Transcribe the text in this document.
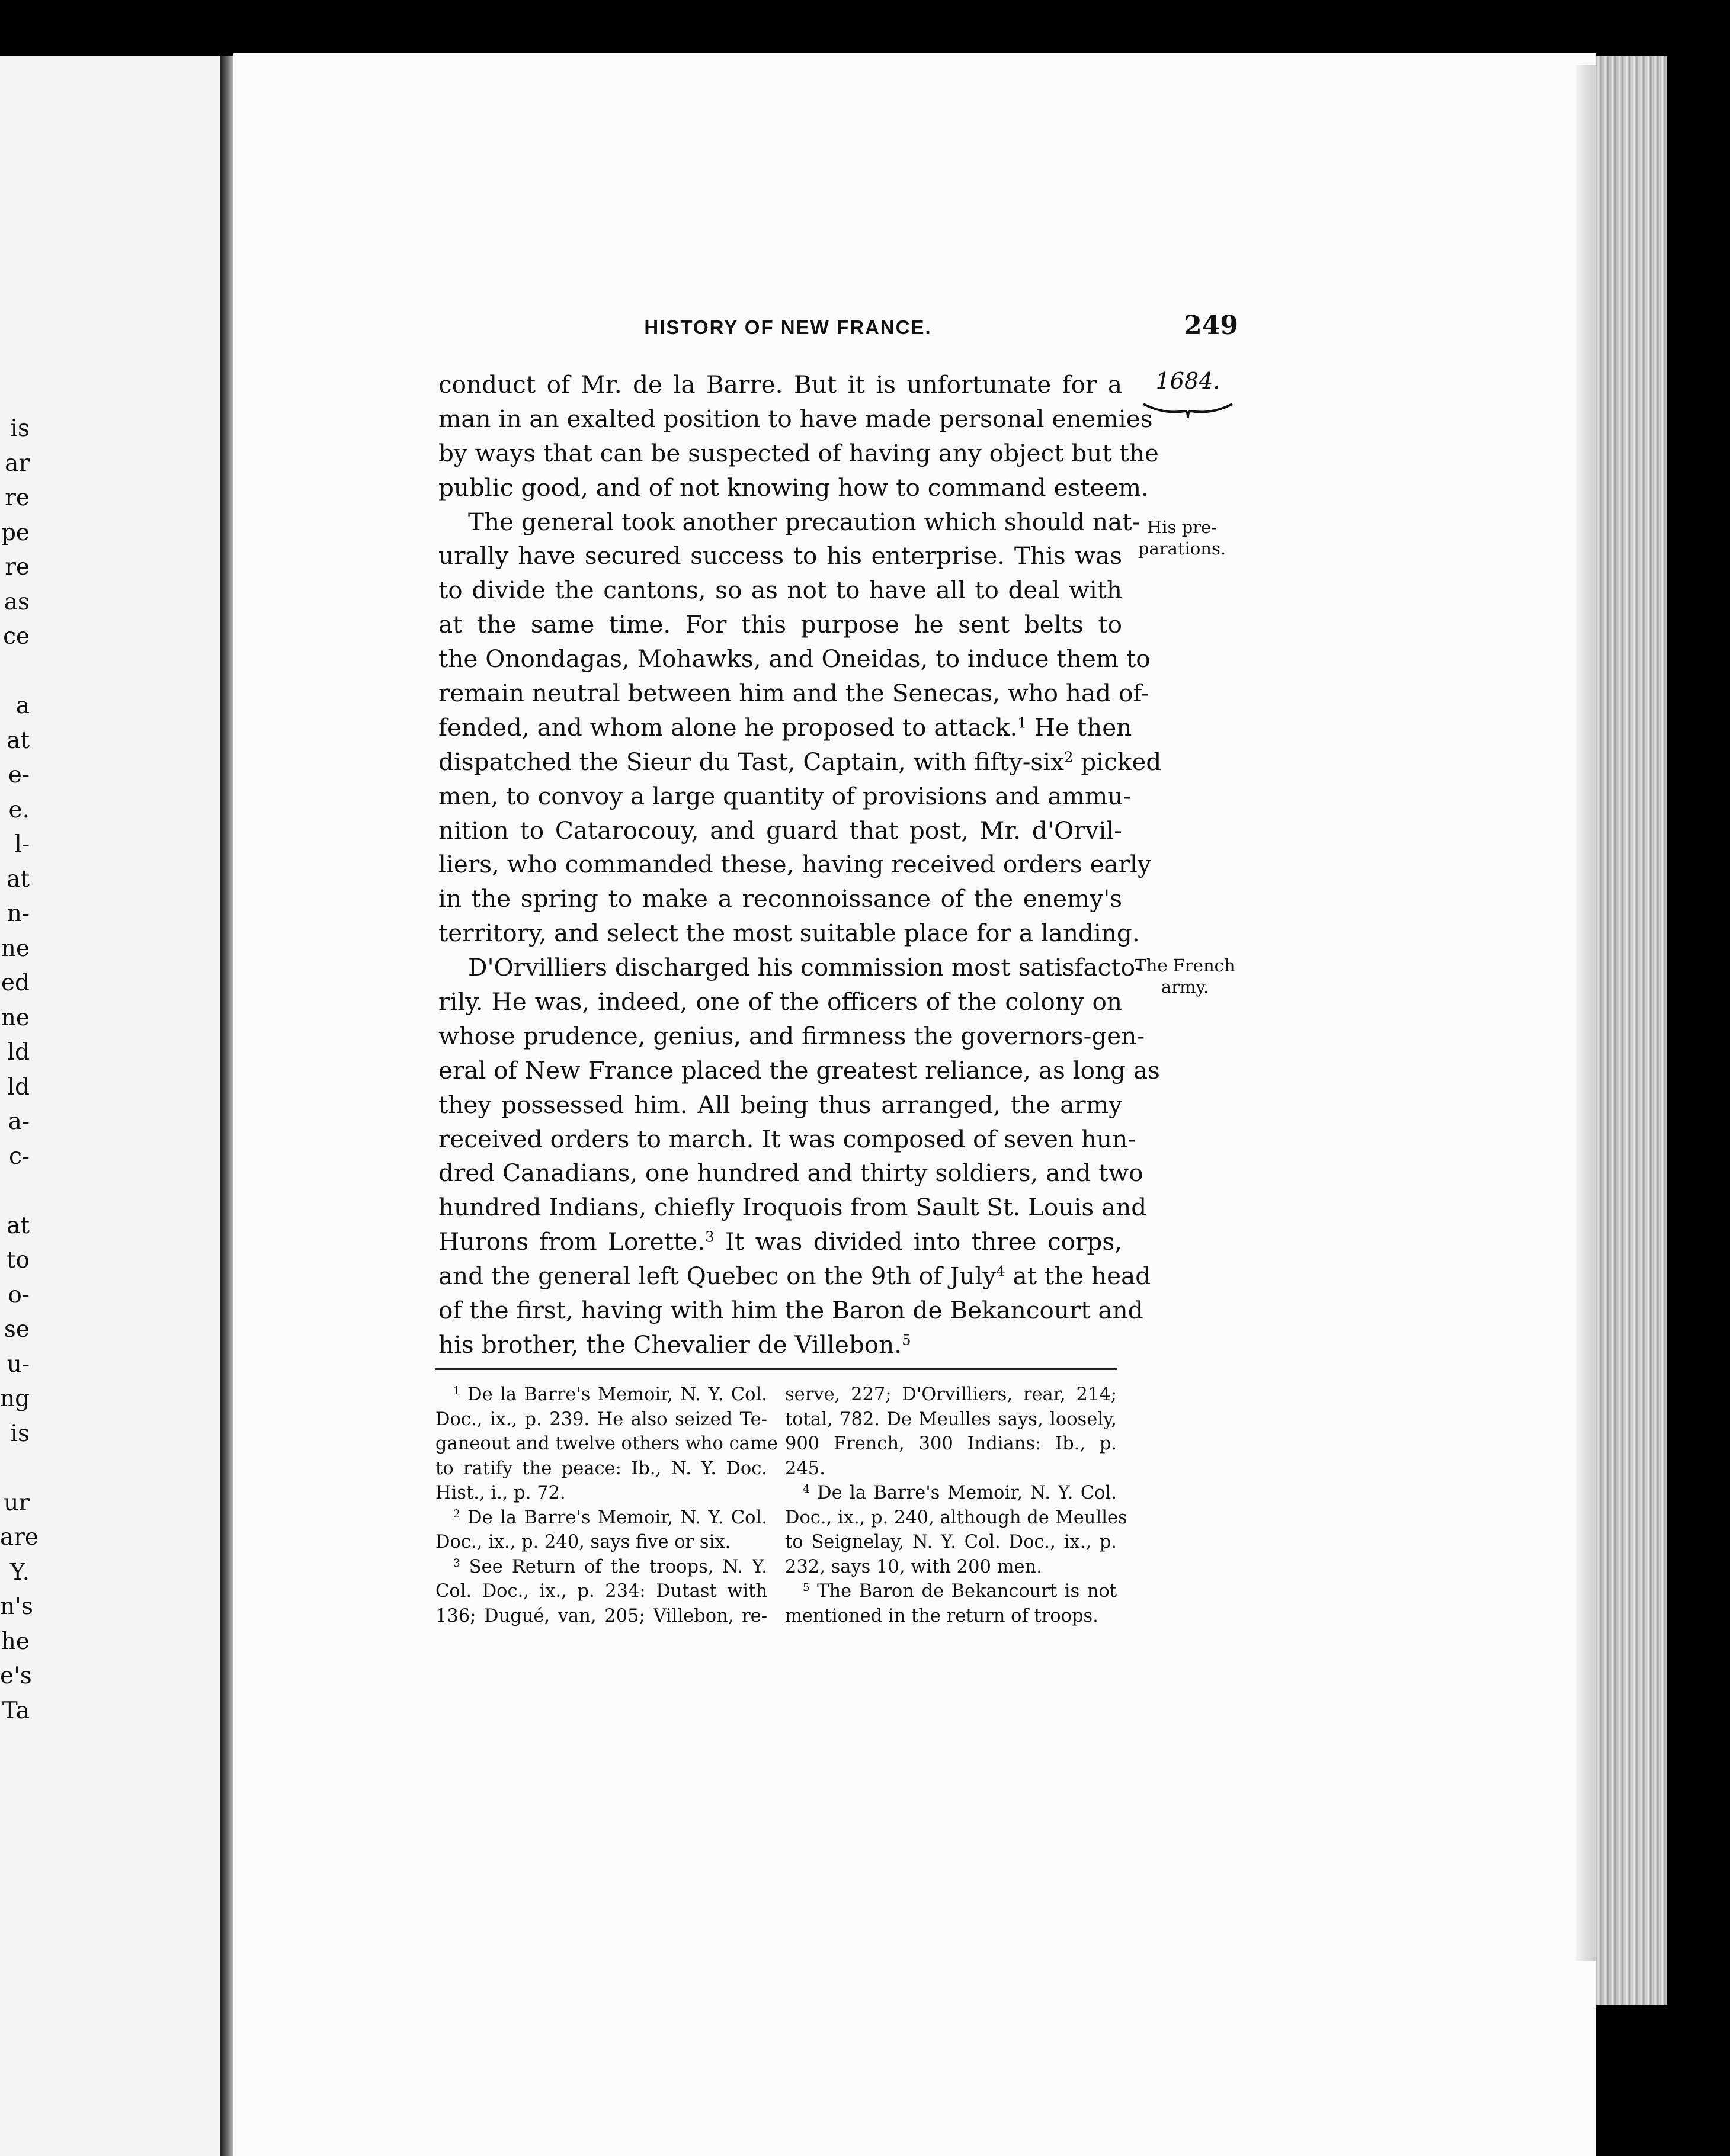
is
ar
re
pe
re
as
ce
a
at
e-
e.
l-
at
n-
ne
ed
ne
ld
ld
a-
c-
at
to
o-
se
u-
ng
is
ur
are
Y.
n's
he
e's
Ta
HISTORY OF NEW FRANCE.	249
1684.
His pre-
parations.
The French
army.
conduct of Mr. de la Barre. But it is unfortunate for a
man in an exalted position to have made personal enemies
by ways that can be suspected of having any object but the
public good, and of not knowing how to command esteem.
The general took another precaution which should nat-
urally have secured success to his enterprise. This was
to divide the cantons, so as not to have all to deal with
at the same time. For this purpose he sent belts to
the Onondagas, Mohawks, and Oneidas, to induce them to
remain neutral between him and the Senecas, who had of-
fended, and whom alone he proposed to attack.$^1$ He then
dispatched the Sieur du Tast, Captain, with fifty-six$^2$ picked
men, to convoy a large quantity of provisions and ammu-
nition to Catarocouy, and guard that post, Mr. d'Orvil-
liers, who commanded these, having received orders early
in the spring to make a reconnoissance of the enemy's
territory, and select the most suitable place for a landing.
D'Orvilliers discharged his commission most satisfacto-
rily. He was, indeed, one of the officers of the colony on
whose prudence, genius, and firmness the governors-gen-
eral of New France placed the greatest reliance, as long as
they possessed him. All being thus arranged, the army
received orders to march. It was composed of seven hun-
dred Canadians, one hundred and thirty soldiers, and two
hundred Indians, chiefly Iroquois from Sault St. Louis and
Hurons from Lorette.$^3$ It was divided into three corps,
and the general left Quebec on the 9th of July$^4$ at the head
of the first, having with him the Baron de Bekancourt and
his brother, the Chevalier de Villebon.$^5$
$^1$ De la Barre's Memoir, N. Y. Col.
Doc., ix., p. 239. He also seized Te-
ganeout and twelve others who came
to ratify the peace: Ib., N. Y. Doc.
Hist., i., p. 72.
$^2$ De la Barre's Memoir, N. Y. Col.
Doc., ix., p. 240, says five or six.
$^3$ See Return of the troops, N. Y.
Col. Doc., ix., p. 234: Dutast with
136; Dugué, van, 205; Villebon, re-
serve, 227; D'Orvilliers, rear, 214;
total, 782. De Meulles says, loosely,
900 French, 300 Indians: Ib., p.
245.
$^4$ De la Barre's Memoir, N. Y. Col.
Doc., ix., p. 240, although de Meulles
to Seignelay, N. Y. Col. Doc., ix., p.
232, says 10, with 200 men.
$^5$ The Baron de Bekancourt is not
mentioned in the return of troops.
